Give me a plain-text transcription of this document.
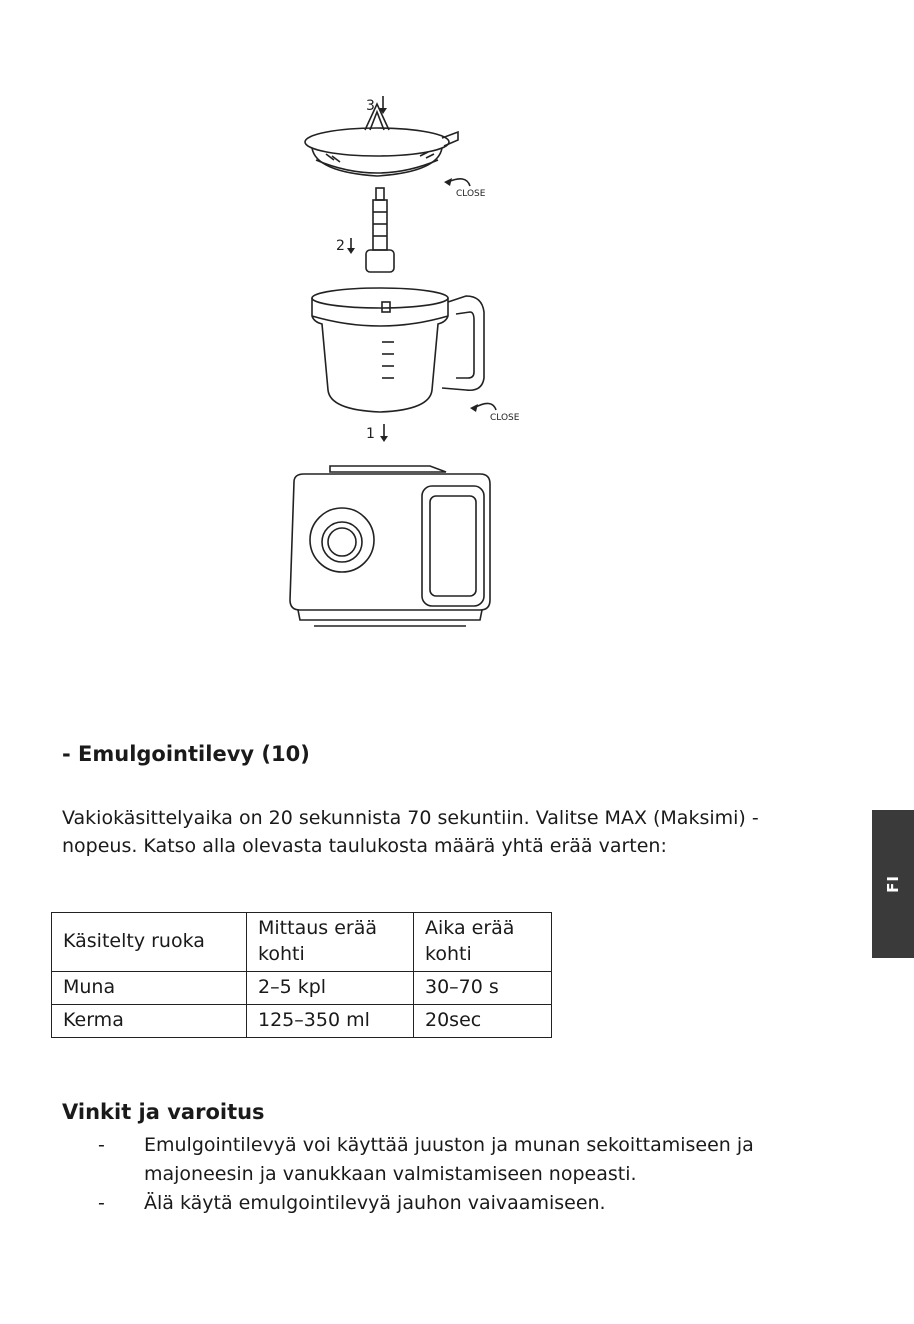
3
CLOSE
2
CLOSE
1
- Emulgointilevy (10)

Vakiokäsittelyaika on 20 sekunnista 70 sekuntiin. Valitse MAX (Maksimi) -nopeus. Katso alla olevasta taulukosta määrä yhtä erää varten:

Käsitelty ruoka	Mittaus erää kohti	Aika erää kohti
Muna	2–5 kpl	30–70 s
Kerma	125–350 ml	20sec
Vinkit ja varoitus
- Emulgointilevyä voi käyttää juuston ja munan sekoittamiseen ja majoneesin ja vanukkaan valmistamiseen nopeasti.
- Älä käytä emulgointilevyä jauhon vaivaamiseen.
FI
